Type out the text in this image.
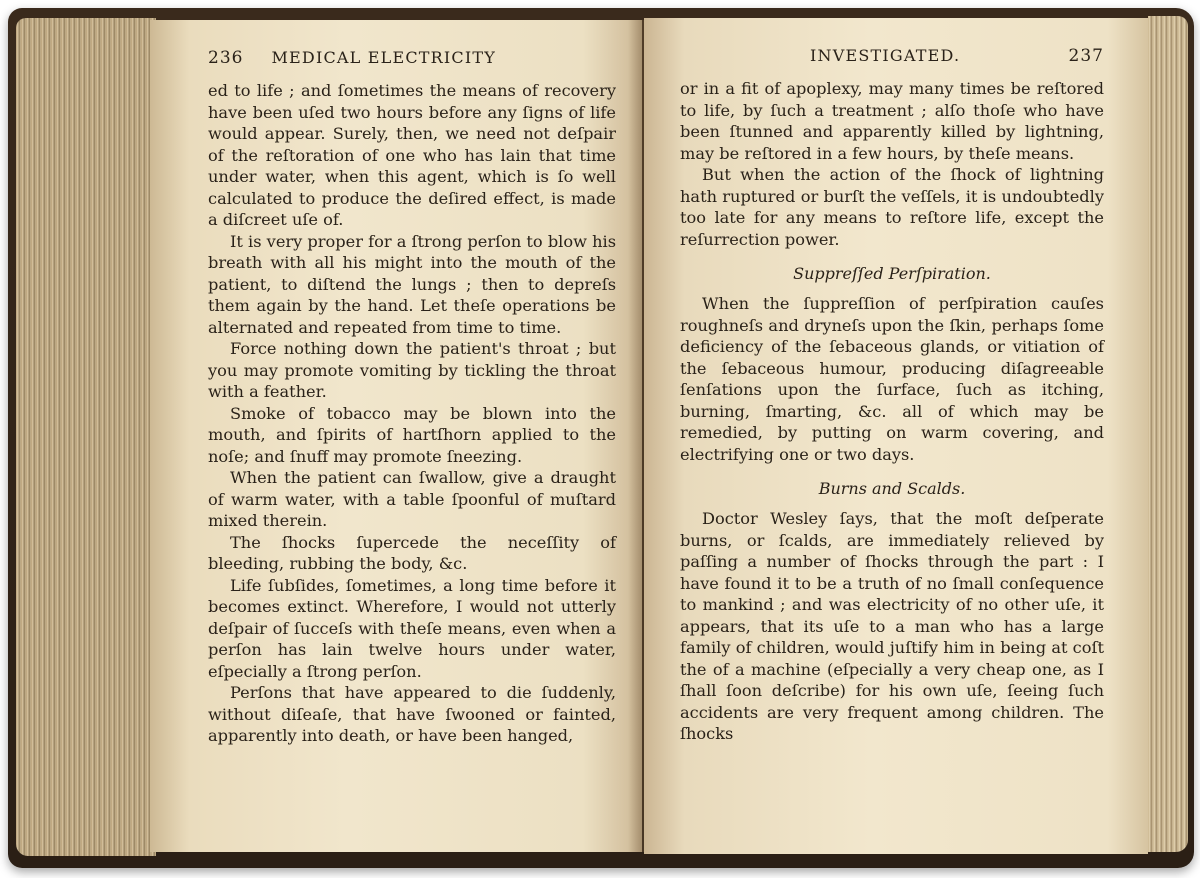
236 MEDICAL ELECTRICITY

ed to life ; and ſometimes the means of recovery have been uſed two hours before any ſigns of life would appear. Surely, then, we need not deſpair of the reſtoration of one who has lain that time under water, when this agent, which is ſo well calculated to produce the deſired effect, is made a diſcreet uſe of.

It is very proper for a ſtrong perſon to blow his breath with all his might into the mouth of the patient, to diſtend the lungs ; then to depreſs them again by the hand. Let theſe operations be alternated and repeated from time to time.

Force nothing down the patient's throat ; but you may promote vomiting by tickling the throat with a feather.

Smoke of tobacco may be blown into the mouth, and ſpirits of hartſhorn applied to the noſe; and ſnuff may promote ſneezing.

When the patient can ſwallow, give a draught of warm water, with a table ſpoonful of muſtard mixed therein.

The ſhocks ſupercede the neceſſity of bleeding, rubbing the body, &c.

Life ſubſides, ſometimes, a long time before it becomes extinct. Wherefore, I would not utterly deſpair of ſucceſs with theſe means, even when a perſon has lain twelve hours under water, eſpecially a ſtrong perſon.

Perſons that have appeared to die ſuddenly, without diſeaſe, that have ſwooned or fainted, apparently into death, or have been hanged,

INVESTIGATED.	237

or in a fit of apoplexy, may many times be reſtored to life, by ſuch a treatment ; alſo thoſe who have been ſtunned and apparently killed by lightning, may be reſtored in a few hours, by theſe means.

But when the action of the ſhock of lightning hath ruptured or burſt the veſſels, it is undoubtedly too late for any means to reſtore life, except the reſurrection power.

Suppreſſed Perſpiration.

When the ſuppreſſion of perſpiration cauſes roughneſs and dryneſs upon the ſkin, perhaps ſome deficiency of the ſebaceous glands, or vitiation of the ſebaceous humour, producing diſagreeable ſenſations upon the ſurface, ſuch as itching, burning, ſmarting, &c. all of which may be remedied, by putting on warm covering, and electrifying one or two days.

Burns and Scalds.

Doctor Wesley ſays, that the moſt deſperate burns, or ſcalds, are immediately relieved by paſſing a number of ſhocks through the part : I have found it to be a truth of no ſmall conſequence to mankind ; and was electricity of no other uſe, it appears, that its uſe to a man who has a large family of children, would juſtify him in being at coſt the of a machine (eſpecially a very cheap one, as I ſhall ſoon deſcribe) for his own uſe, ſeeing ſuch accidents are very frequent among children. The ſhocks
